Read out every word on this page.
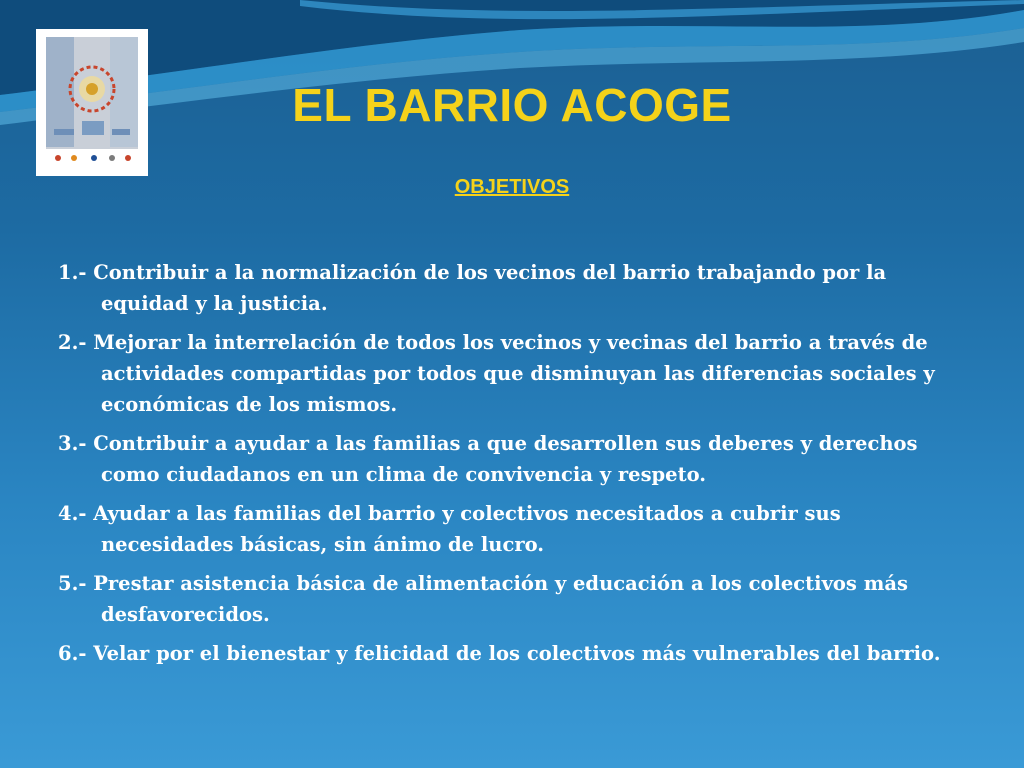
EL BARRIO ACOGE
OBJETIVOS
1.- Contribuir a la normalización de los vecinos del barrio trabajando por la equidad y la justicia.
2.- Mejorar la interrelación de todos los vecinos y vecinas del barrio a través de actividades compartidas por todos que disminuyan las diferencias sociales y económicas de los mismos.
3.- Contribuir a ayudar a las familias a que desarrollen sus deberes y derechos como ciudadanos en un clima de convivencia y respeto.
4.- Ayudar a las familias del barrio y colectivos necesitados a cubrir sus necesidades básicas, sin ánimo de lucro.
5.- Prestar asistencia básica de alimentación y educación a los colectivos más desfavorecidos.
6.- Velar por el bienestar y felicidad de los colectivos más vulnerables del barrio.
